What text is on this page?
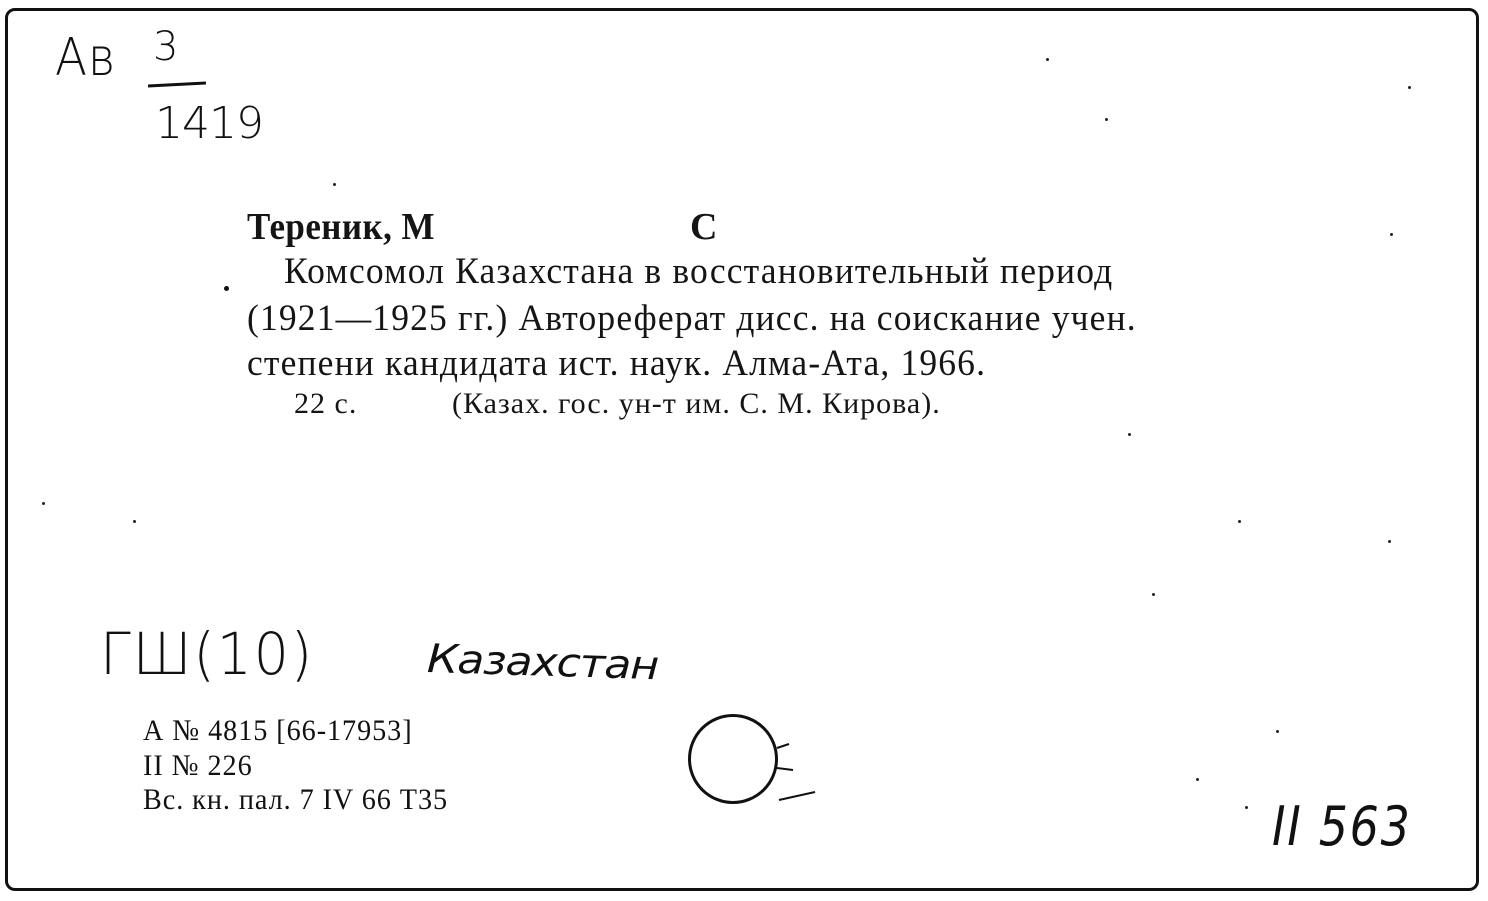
Ав 3
1419
Тереник, М	С
Комсомол Казахстана в восстановительный период
(1921—1925 гг.) Автореферат дисс. на соискание учен.
степени кандидата ист. наук. Алма-Ата, 1966.
22 с.	(Казах. гос. ун-т им. С. М. Кирова).
ГШ(10)	Казахстан
А № 4815 [66-17953]
II № 226
Вс. кн. пал. 7 IV 66 Т35	II 563
